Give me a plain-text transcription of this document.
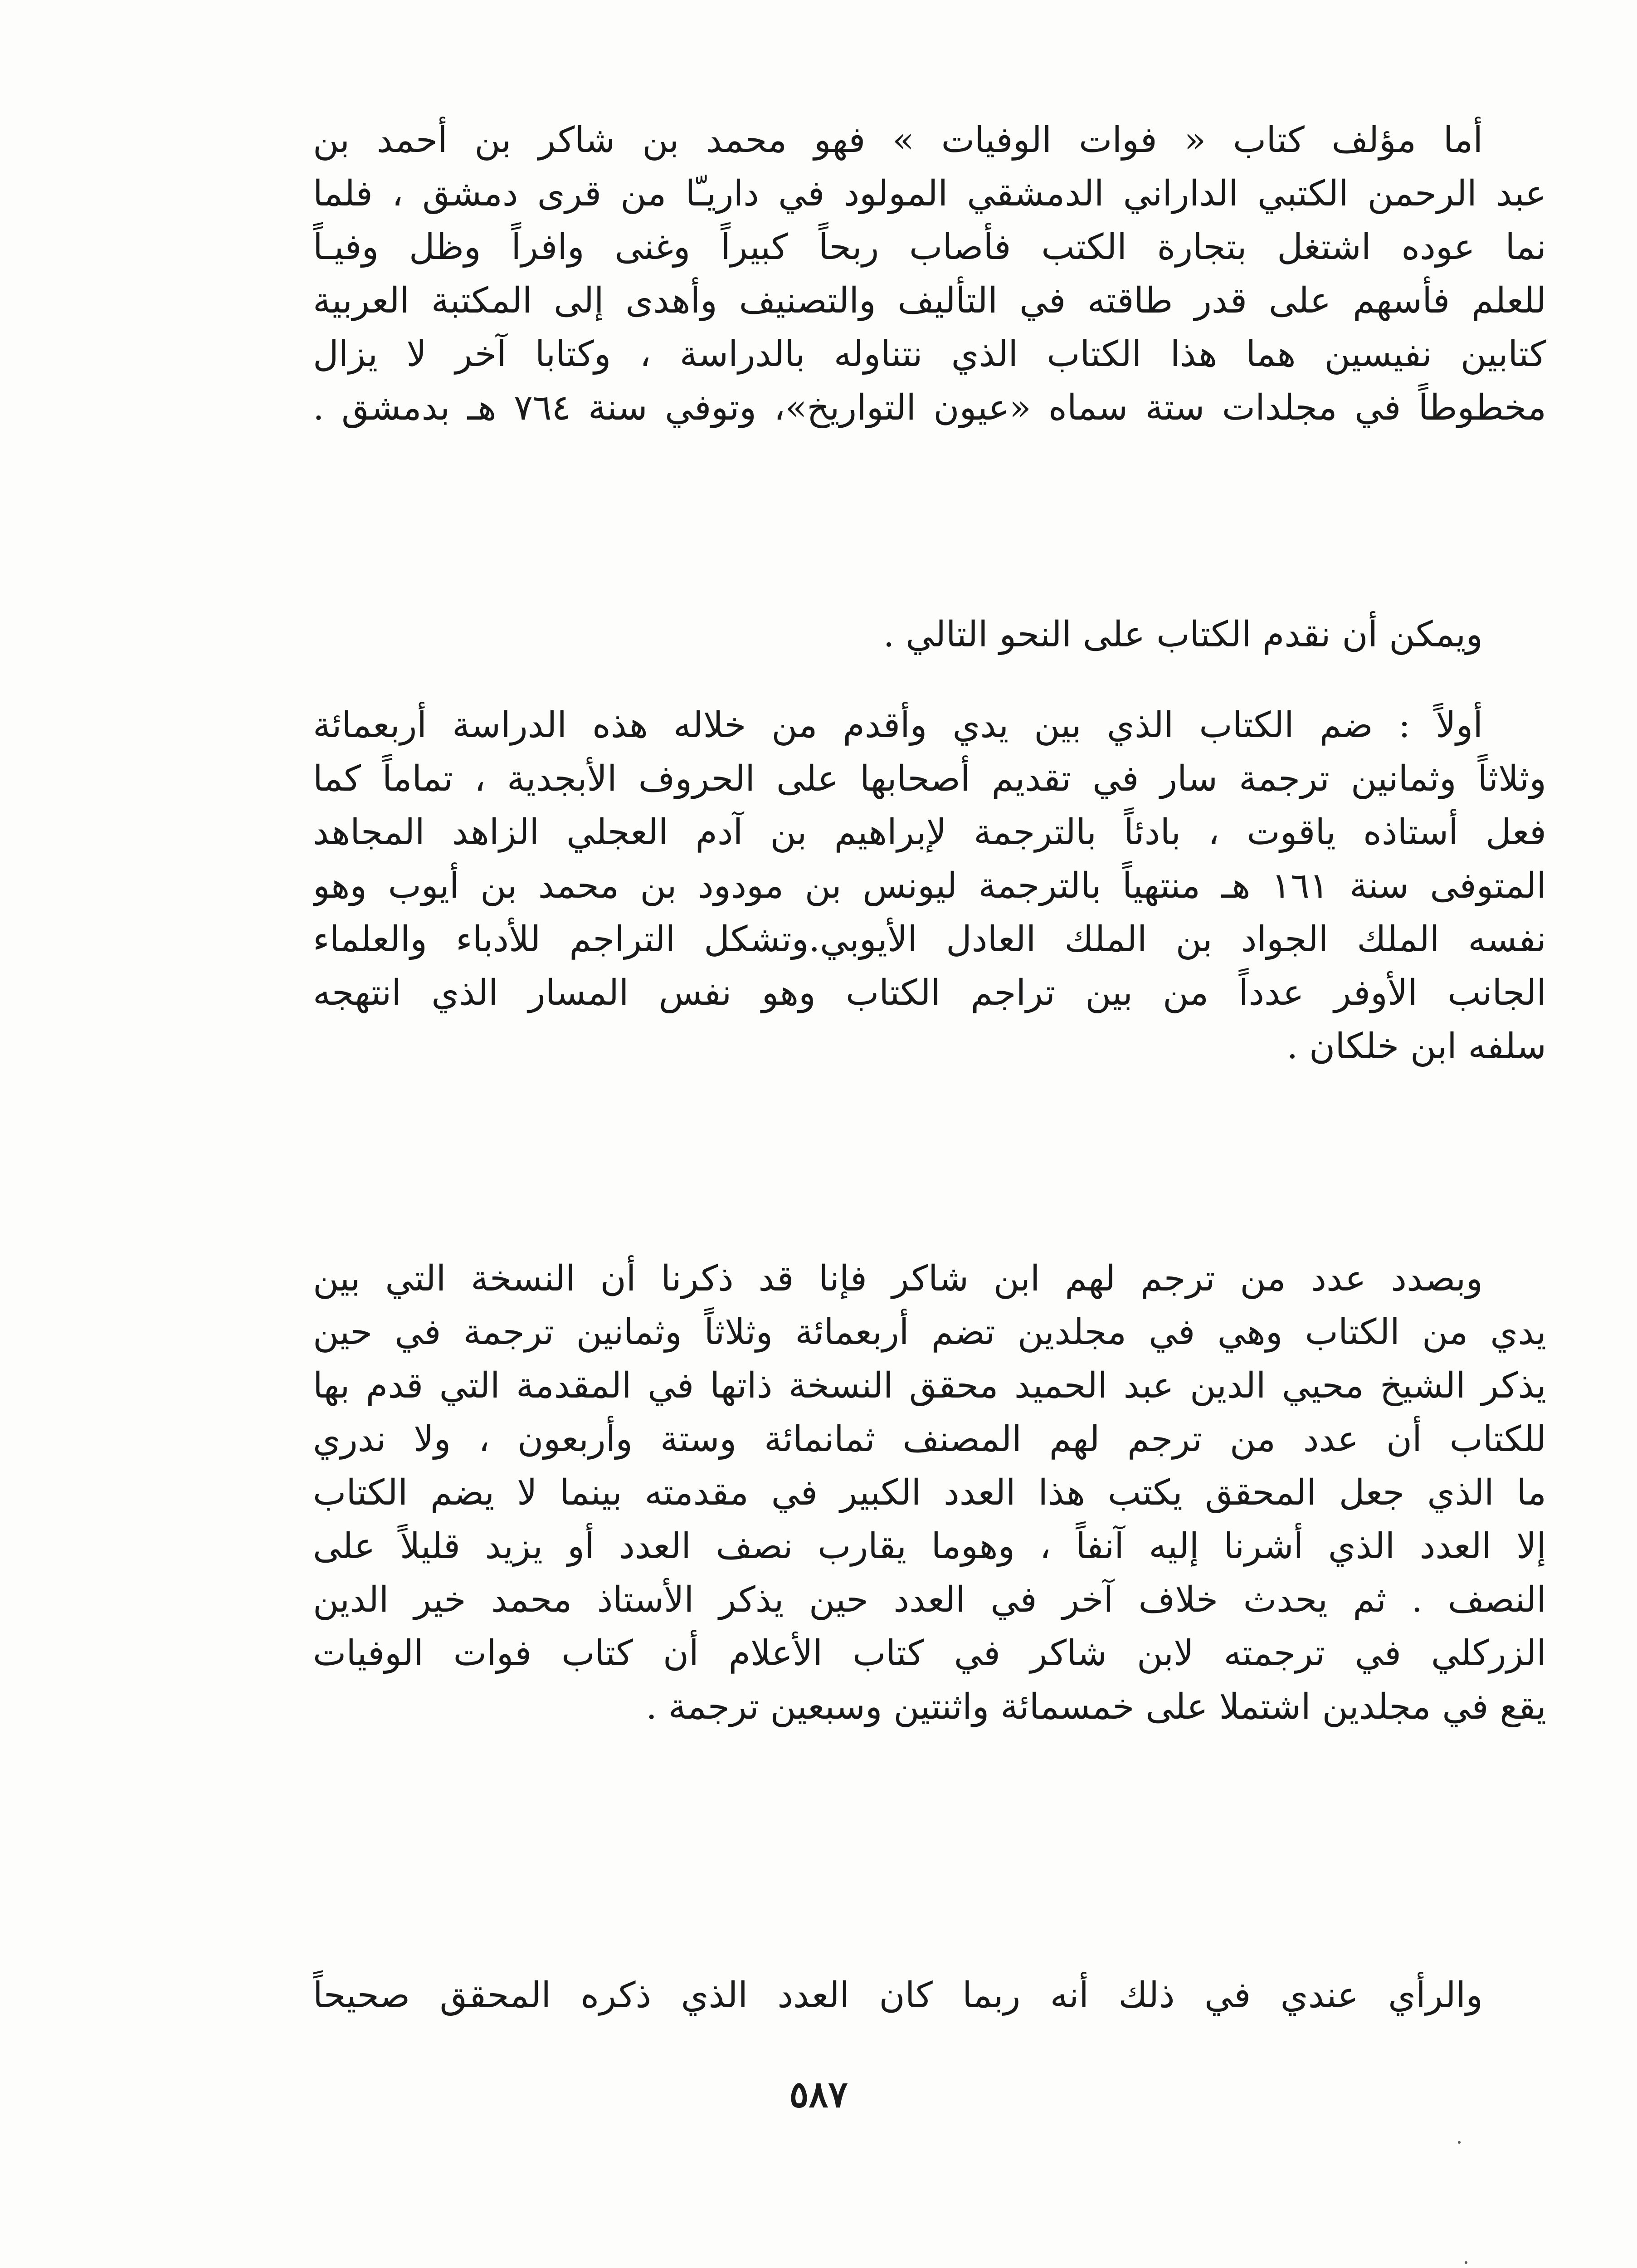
أما مؤلف كتاب « فوات الوفيات » فهو محمد بن شاكر بن أحمد بن
عبد الرحمن الكتبي الداراني الدمشقي المولود في داريـّا من قرى دمشق ، فلما
نما عوده اشتغل بتجارة الكتب فأصاب ربحاً كبيراً وغنى وافراً وظل وفيـاً
للعلم فأسهم على قدر طاقته في التأليف والتصنيف وأهدى إلى المكتبة العربية
كتابين نفيسين هما هذا الكتاب الذي نتناوله بالدراسة ، وكتابا آخر لا يزال
مخطوطاً في مجلدات ستة سماه «عيون التواريخ»، وتوفي سنة ٧٦٤ هـ بدمشق .
ويمكن أن نقدم الكتاب على النحو التالي .
أولاً : ضم الكتاب الذي بين يدي وأقدم من خلاله هذه الدراسة أربعمائة
وثلاثاً وثمانين ترجمة سار في تقديم أصحابها على الحروف الأبجدية ، تماماً كما
فعل أستاذه ياقوت ، بادئاً بالترجمة لإبراهيم بن آدم العجلي الزاهد المجاهد
المتوفى سنة ١٦١ هـ منتهياً بالترجمة ليونس بن مودود بن محمد بن أيوب وهو
نفسه الملك الجواد بن الملك العادل الأيوبي.وتشكل التراجم للأدباء والعلماء
الجانب الأوفر عدداً من بين تراجم الكتاب وهو نفس المسار الذي انتهجه
سلفه ابن خلكان .
وبصدد عدد من ترجم لهم ابن شاكر فإنا قد ذكرنا أن النسخة التي بين
يدي من الكتاب وهي في مجلدين تضم أربعمائة وثلاثاً وثمانين ترجمة في حين
يذكر الشيخ محيي الدين عبد الحميد محقق النسخة ذاتها في المقدمة التي قدم بها
للكتاب أن عدد من ترجم لهم المصنف ثمانمائة وستة وأربعون ، ولا ندري
ما الذي جعل المحقق يكتب هذا العدد الكبير في مقدمته بينما لا يضم الكتاب
إلا العدد الذي أشرنا إليه آنفاً ، وهوما يقارب نصف العدد أو يزيد قليلاً على
النصف . ثم يحدث خلاف آخر في العدد حين يذكر الأستاذ محمد خير الدين
الزركلي في ترجمته لابن شاكر في كتاب الأعلام أن كتاب فوات الوفيات
يقع في مجلدين اشتملا على خمسمائة واثنتين وسبعين ترجمة .
والرأي عندي في ذلك أنه ربما كان العدد الذي ذكره المحقق صحيحاً
٥٨٧
